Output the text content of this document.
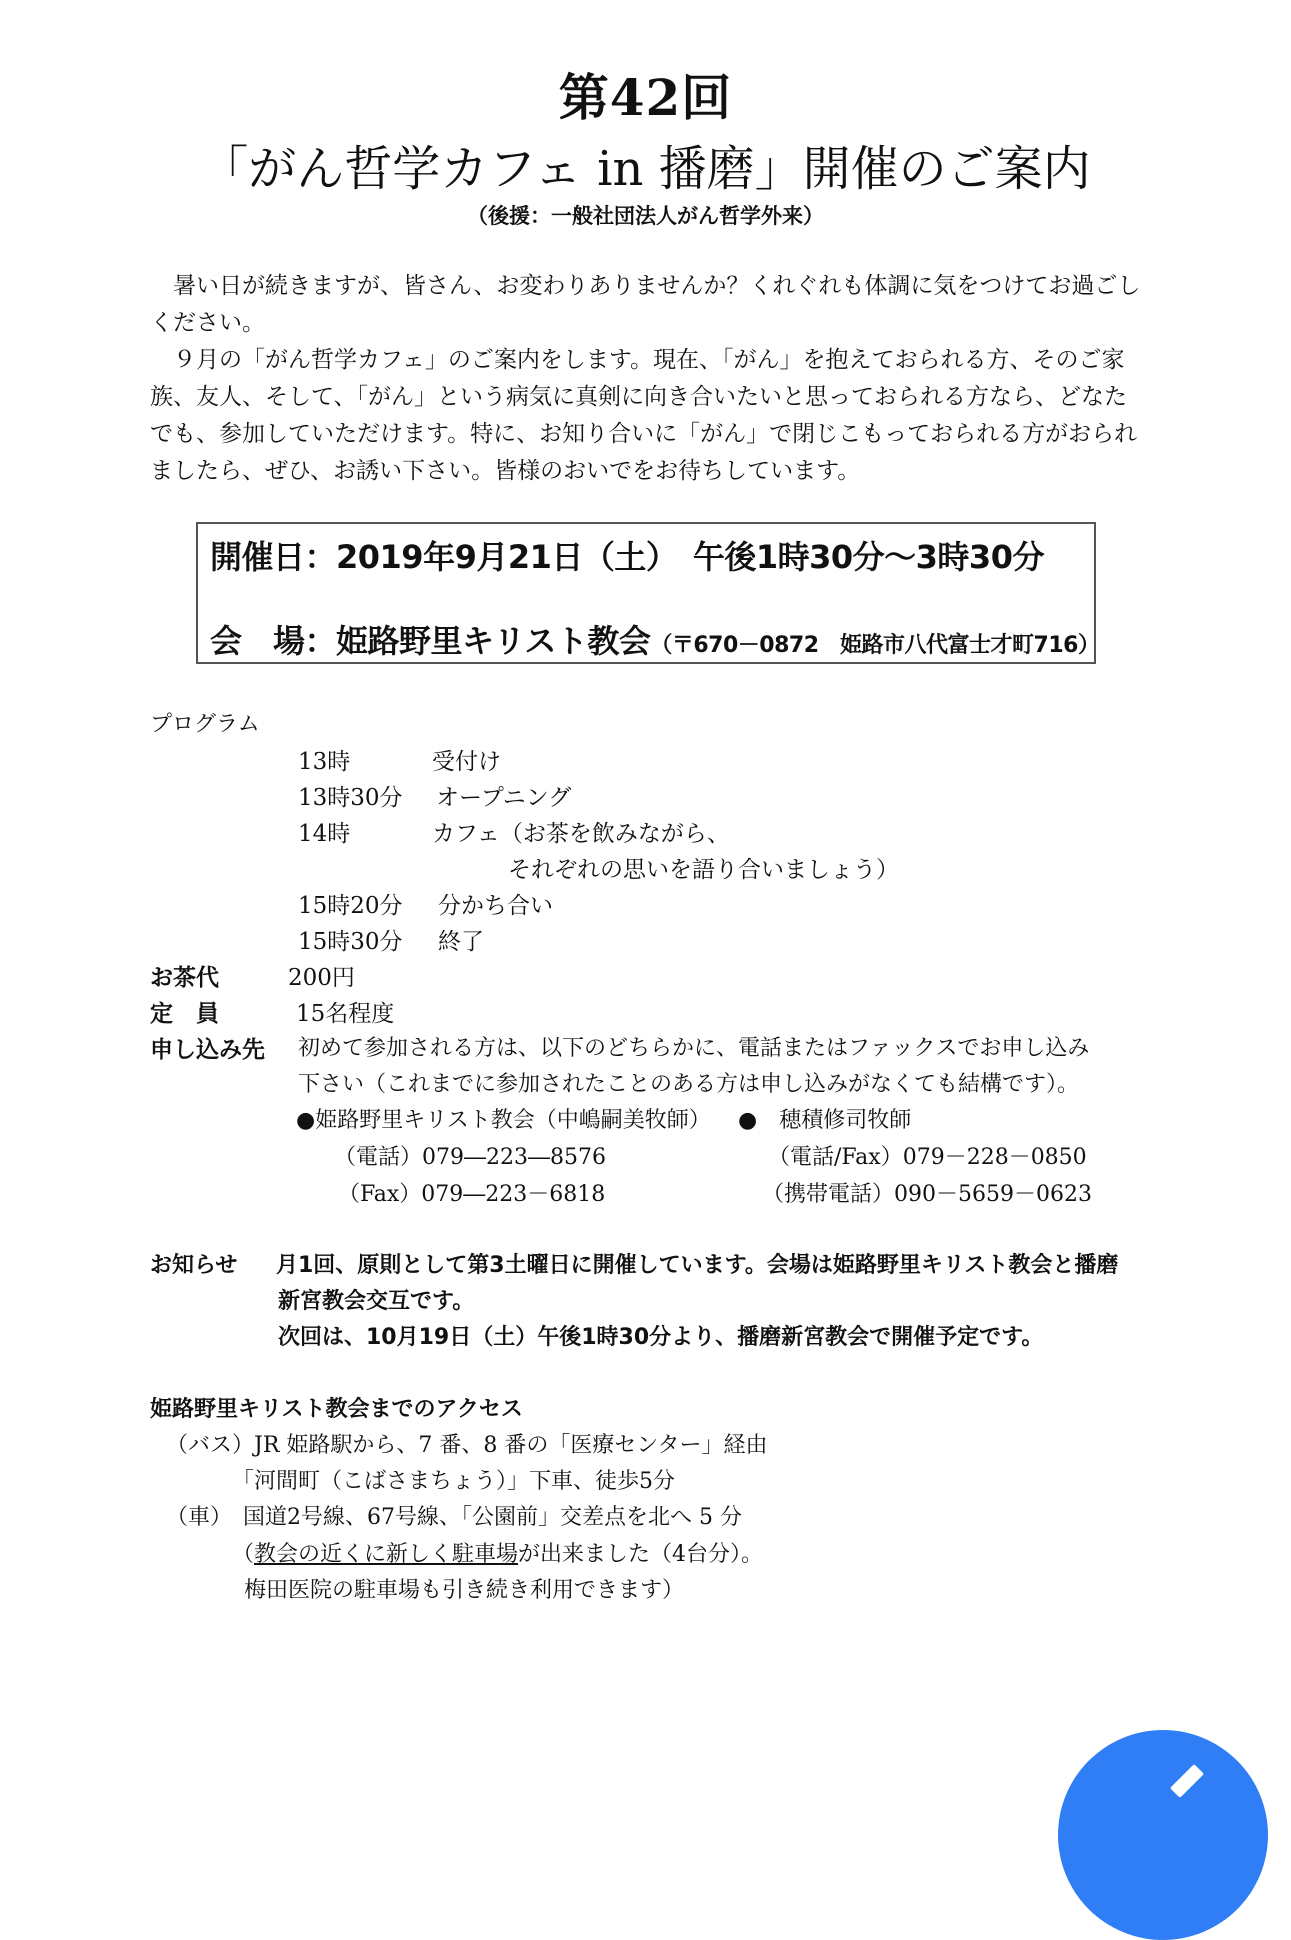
第42回
「がん哲学カフェ in 播磨」開催のご案内
（後援：一般社団法人がん哲学外来）

暑い日が続きますが、皆さん、お変わりありませんか？くれぐれも体調に気をつけてお過ごしください。

９月の「がん哲学カフェ」のご案内をします。現在、「がん」を抱えておられる方、そのご家族、友人、そして、「がん」という病気に真剣に向き合いたいと思っておられる方なら、どなたでも、参加していただけます。特に、お知り合いに「がん」で閉じこもっておられる方がおられましたら、ぜひ、お誘い下さい。皆様のおいでをお待ちしています。

開催日：2019年9月21日（土）　午後1時30分～3時30分
会　場：姫路野里キリスト教会（〒670－0872　姫路市八代富士才町716）
プログラム
13時	受付け
13時30分 オープニング
14時	カフェ（お茶を飲みながら、
それぞれの思いを語り合いましょう）
15時20分 分かち合い
15時30分 終了
お茶代	200円
定　員	15名程度
申し込み先 初めて参加される方は、以下のどちらかに、電話またはファックスでお申し込み
下さい（これまでに参加されたことのある方は申し込みがなくても結構です）。
●姫路野里キリスト教会（中嶋嗣美牧師）
（電話）079―223―8576
（Fax）079―223－6818
●　穂積修司牧師
（電話/Fax）079－228－0850
（携帯電話）090－5659－0623
お知らせ 月1回、原則として第3土曜日に開催しています。会場は姫路野里キリスト教会と播磨
新宮教会交互です。
次回は、10月19日（土）午後1時30分より、播磨新宮教会で開催予定です。
姫路野里キリスト教会までのアクセス
（バス）JR 姫路駅から、7 番、8 番の「医療センター」経由
「河間町（こばさまちょう）」下車、徒歩5分
（車）　国道2号線、67号線、「公園前」交差点を北へ 5 分
（教会の近くに新しく駐車場が出来ました（4台分）。
梅田医院の駐車場も引き続き利用できます）
